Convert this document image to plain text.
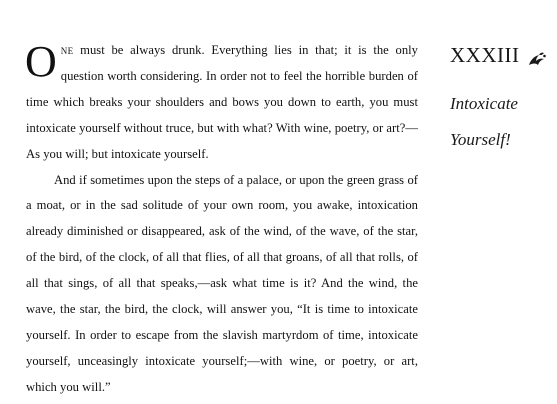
One must be always drunk. Everything lies in that; it is the only question worth considering. In order not to feel the horrible burden of time which breaks your shoulders and bows you down to earth, you must intoxicate yourself without truce, but with what? With wine, poetry, or art?—As you will; but intoxicate yourself.

And if sometimes upon the steps of a palace, or upon the green grass of a moat, or in the sad solitude of your own room, you awake, intoxication already diminished or disappeared, ask of the wind, of the wave, of the star, of the bird, of the clock, of all that flies, of all that groans, of all that rolls, of all that sings, of all that speaks,—ask what time is it? And the wind, the wave, the star, the bird, the clock, will answer you, “It is time to intoxicate yourself. In order to escape from the slavish martyrdom of time, intoxicate yourself, unceasingly intoxicate yourself;—with wine, or poetry, or art, which you will.”

XXXIII
Intoxicate
Yourself!
